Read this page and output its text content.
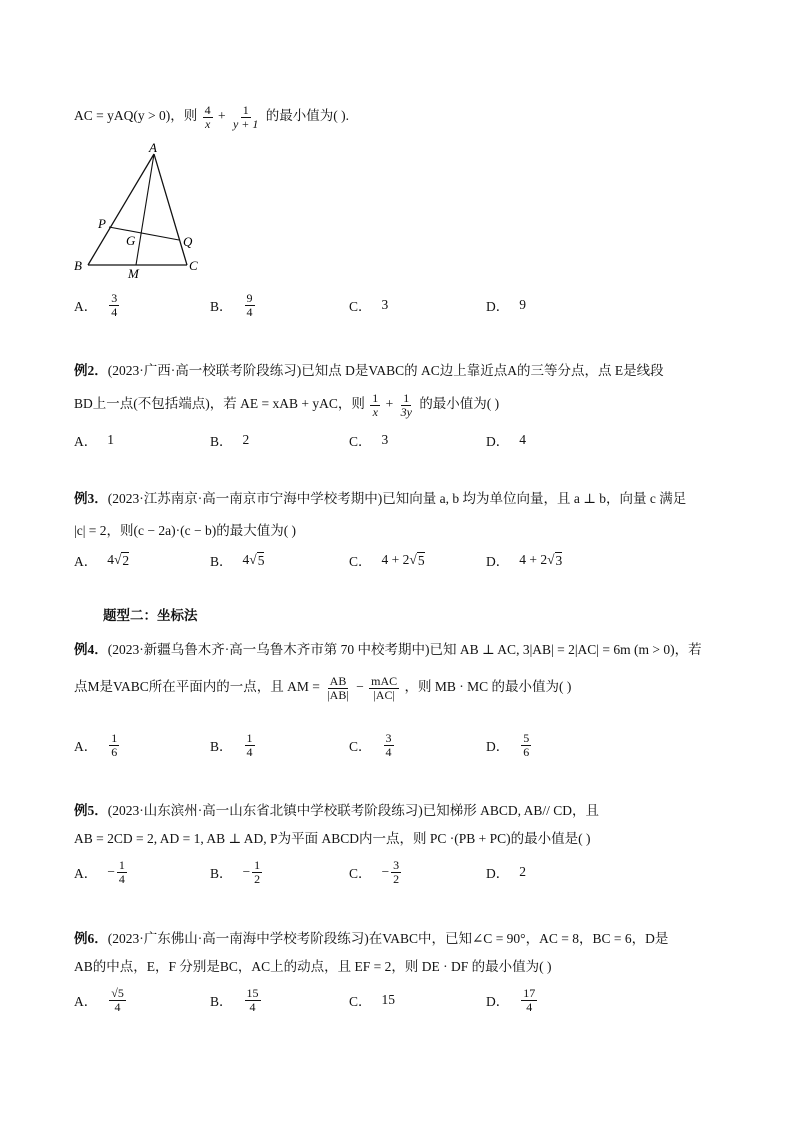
AC = yAQ(y > 0)，则 $\frac{4}{x} + \frac{1}{y + 1}$ 的最小值为( ).
A
B	C
P
Q
G
M
A． $\frac{3}{4}$	B． $\frac{9}{4}$	C． 3	D． 9
例2．(2023·广西·高一校联考阶段练习)已知点 D是VABC的 AC边上靠近点A的三等分点，点 E是线段
BD上一点(不包括端点)，若 AE = xAB + yAC，则 $\frac{1}{x} + \frac{1}{3y}$ 的最小值为( )
A． 1	B． 2	C． 3	D． 4
例3．(2023·江苏南京·高一南京市宁海中学校考期中)已知向量 a, b 均为单位向量，且 a ⊥ b，向量 c 满足
|c| = 2，则(c − 2a)·(c − b)的最大值为( )
A． 4 √ 2	B． 4 √ 5	C． 4 + 2 √ 5	D． 4 + 2 √ 3
题型二：坐标法
例4．(2023·新疆乌鲁木齐·高一乌鲁木齐市第 70 中校考期中)已知 AB ⊥ AC, 3|AB| = 2|AC| = 6m (m > 0)，若
点M是VABC所在平面内的一点，且 AM = $\frac{AB}{|AB|} - \frac{\text{mAC}}{|AC|}$ ，则 MB · MC 的最小值为( )
A． $\frac{1}{6}$	B． $\frac{1}{4}$	C． $\frac{3}{4}$	D． $\frac{5}{6}$
例5．(2023·山东滨州·高一山东省北镇中学校联考阶段练习)已知梯形 ABCD, AB// CD，且
AB = 2CD = 2, AD = 1, AB ⊥ AD, P为平面 ABCD内一点，则 PC ·(PB + PC)的最小值是( )
A． − $\frac{1}{4}$	B． − $\frac{1}{2}$	C． − $\frac{3}{2}$	D． 2
例6．(2023·广东佛山·高一南海中学校考阶段练习)在VABC中，已知∠C = 90°，AC = 8，BC = 6，D是
AB的中点，E，F 分别是BC，AC上的动点，且 EF = 2，则 DE · DF 的最小值为( )
A． $\frac{√5}{4}$	B． $\frac{15}{4}$	C． 15	D． $\frac{17}{4}$
